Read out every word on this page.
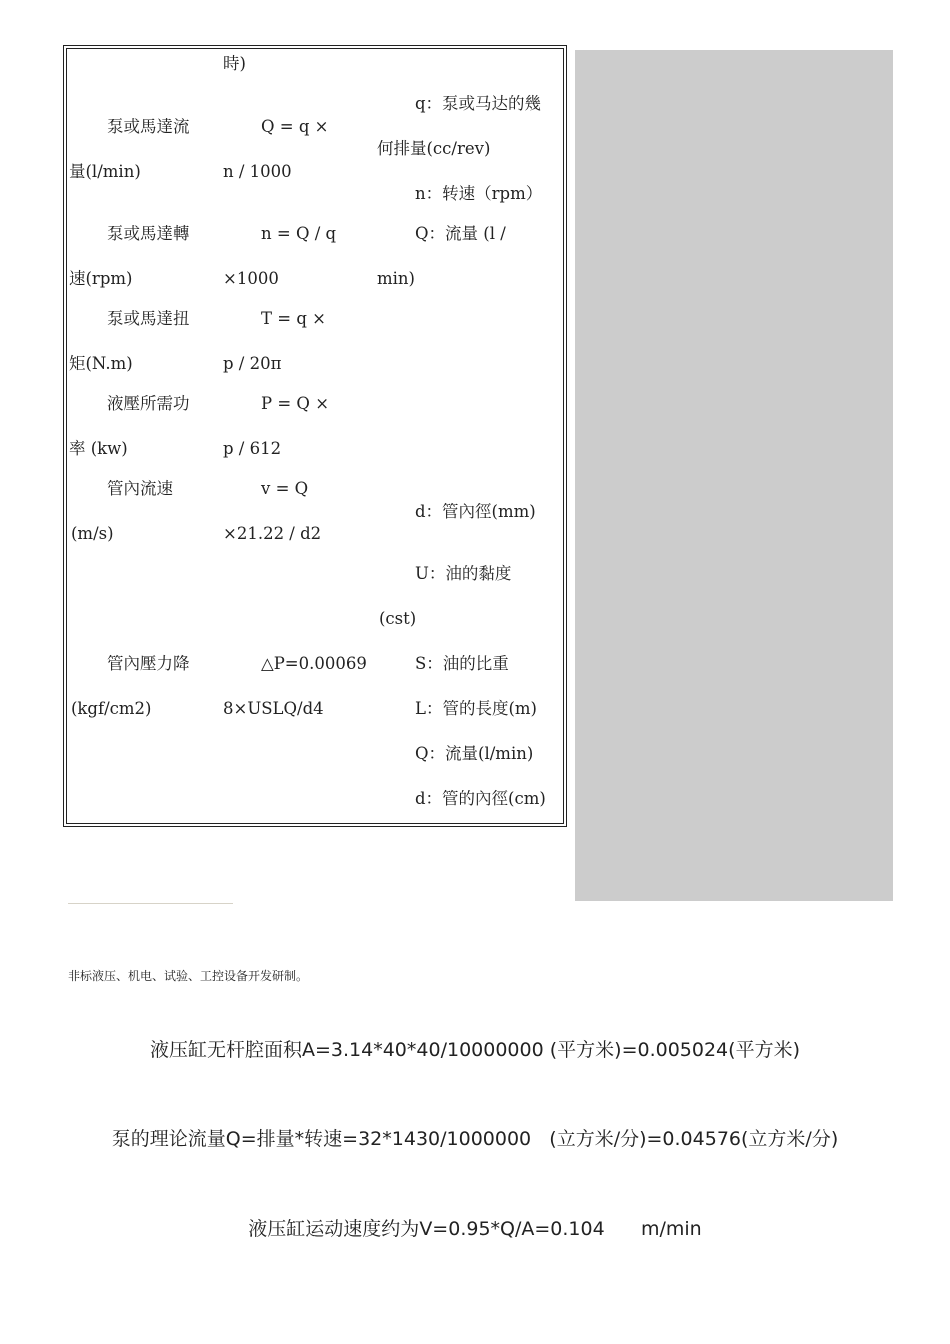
時)
泵或馬達流
量(l/min)
Q = q ×
n / 1000
q：泵或马达的幾
何排量(cc/rev)
n：转速（rpm）
泵或馬達轉
速(rpm)
n = Q / q
×1000
Q：流量 (l /
min)
泵或馬達扭
矩(N.m)
T = q ×
p / 20π
液壓所需功
率 (kw)
P = Q ×
p / 612
管內流速
(m/s)
v = Q
×21.22 / d2
d：管內徑(mm)
U：油的黏度
(cst)
管內壓力降
(kgf/cm2)
△P=0.00069
8×USLQ/d4
S：油的比重
L：管的長度(m)
Q：流量(l/min)
d：管的內徑(cm)
非标液压、机电、试验、工控设备开发研制。
液压缸无杆腔面积A=3.14*40*40/10000000 (平方米)=0.005024(平方米)
泵的理论流量Q=排量*转速=32*1430/1000000   (立方米/分)=0.04576(立方米/分)
液压缸运动速度约为V=0.95*Q/A=0.104      m/min
